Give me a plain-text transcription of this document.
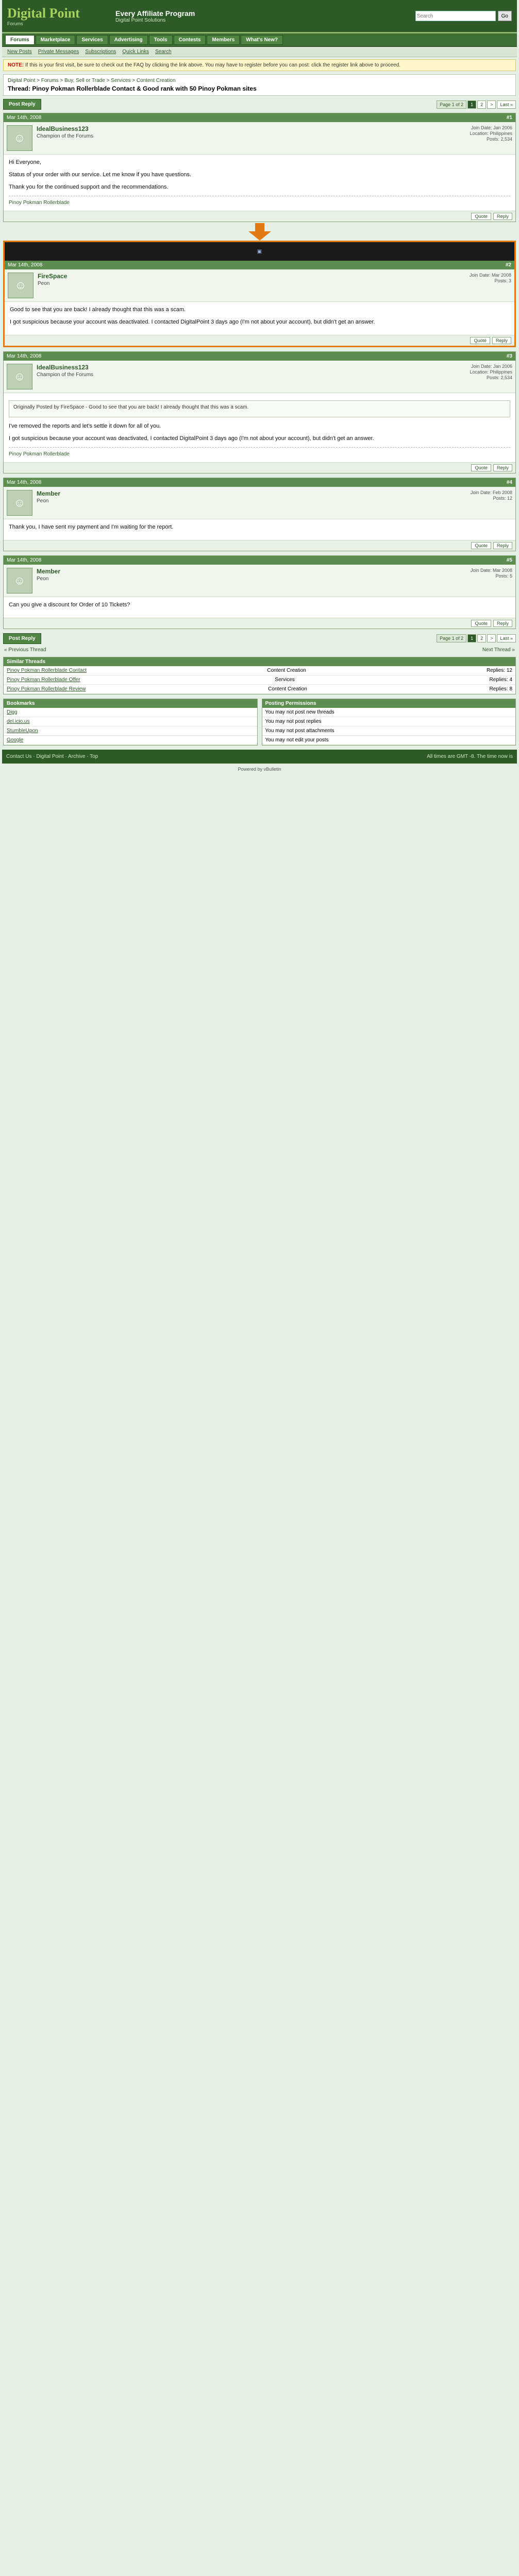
Digital Point
Forums
Every Affiliate Program
Digital Point Solutions
Search
Go
Forums	Marketplace	Services	Advertising	Tools	Contests	Members	What's New?
New Posts Private Messages Subscriptions Quick Links Search
NOTE: If this is your first visit, be sure to check out the FAQ by clicking the link above. You may have to register before you can post: click the register link above to proceed.
Digital Point > Forums > Buy, Sell or Trade > Services > Content Creation
Thread: Pinoy Pokman Rollerblade Contact & Good rank with 50 Pinoy Pokman sites
Post Reply	Page 1 of 2	1	2	>	Last »
Mar 14th, 2008	#1
☺
IdealBusiness123
Champion of the Forums
Join Date: Jan 2006
Location: Philippines
Posts: 2,534

Hi Everyone,

Status of your order with our service. Let me know if you have questions.

Thank you for the continued support and the recommendations.

Pinoy Pokman Rollerblade
Quote	Reply
▣
Mar 14th, 2008	#2
☺
FireSpace
Peon
Join Date: Mar 2008
Posts: 3

Good to see that you are back! I already thought that this was a scam.

I got suspicious because your account was deactivated. I contacted DigitalPoint 3 days ago (I'm not about your account), but didn't get an answer.

Quote	Reply
Mar 14th, 2008	#3
☺
IdealBusiness123
Champion of the Forums
Join Date: Jan 2006
Location: Philippines
Posts: 2,534
Originally Posted by FireSpace - Good to see that you are back! I already thought that this was a scam.

I've removed the reports and let's settle it down for all of you.

I got suspicious because your account was deactivated, I contacted DigitalPoint 3 days ago (I'm not about your account), but didn't get an answer.

Pinoy Pokman Rollerblade
Quote	Reply
Mar 14th, 2008	#4
☺
Member
Peon
Join Date: Feb 2008
Posts: 12

Thank you, I have sent my payment and I'm waiting for the report.

Quote	Reply
Mar 14th, 2008	#5
☺
Member
Peon
Join Date: Mar 2008
Posts: 5

Can you give a discount for Order of 10 Tickets?

Quote	Reply
Post Reply	Page 1 of 2	1	2	>	Last »
« Previous Thread	Next Thread »
Similar Threads
Pinoy Pokman Rollerblade Contact	Content Creation	Replies: 12
Pinoy Pokman Rollerblade Offer	Services	Replies: 4
Pinoy Pokman Rollerblade Review	Content Creation	Replies: 8
Bookmarks
Digg
del.icio.us
StumbleUpon
Google
Posting Permissions
You may not post new threads
You may not post replies
You may not post attachments
You may not edit your posts
Contact Us · Digital Point · Archive · Top	All times are GMT -8. The time now is
Powered by vBulletin
